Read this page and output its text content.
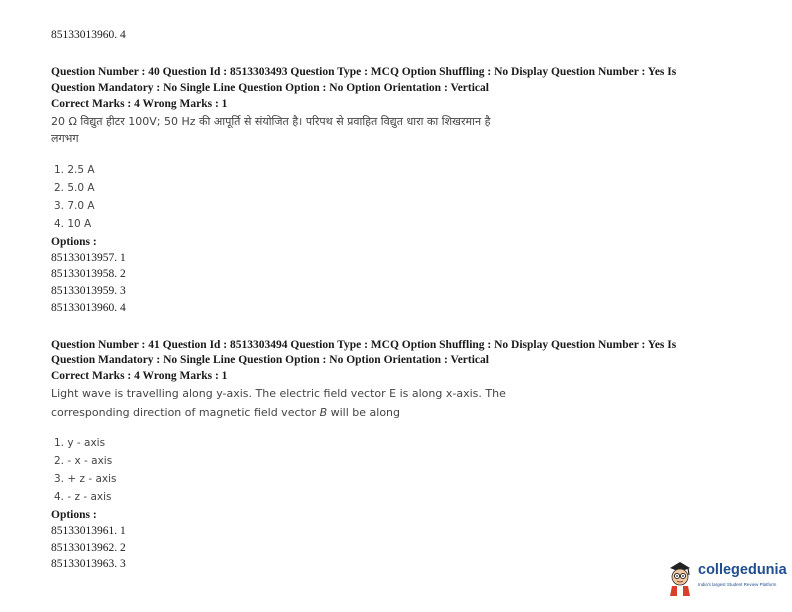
85133013960. 4
Question Number : 40 Question Id : 8513303493 Question Type : MCQ Option Shuffling : No Display Question Number : Yes Is
Question Mandatory : No Single Line Question Option : No Option Orientation : Vertical
Correct Marks : 4 Wrong Marks : 1
20 Ω विद्युत हीटर 100V; 50 Hz की आपूर्ति से संयोजित है। परिपथ से प्रवाहित विद्युत धारा का शिखरमान है
लगभग
1. 2.5 A
2. 5.0 A
3. 7.0 A
4. 10 A
Options :
85133013957. 1
85133013958. 2
85133013959. 3
85133013960. 4
Question Number : 41 Question Id : 8513303494 Question Type : MCQ Option Shuffling : No Display Question Number : Yes Is
Question Mandatory : No Single Line Question Option : No Option Orientation : Vertical
Correct Marks : 4 Wrong Marks : 1
Light wave is travelling along y-axis. The electric field vector E is along x-axis. The
corresponding direction of magnetic field vector B will be along
1. y - axis
2. - x - axis
3. + z - axis
4. - z - axis
Options :
85133013961. 1
85133013962. 2
85133013963. 3	collegedunia
India's largest Student Review Platform
